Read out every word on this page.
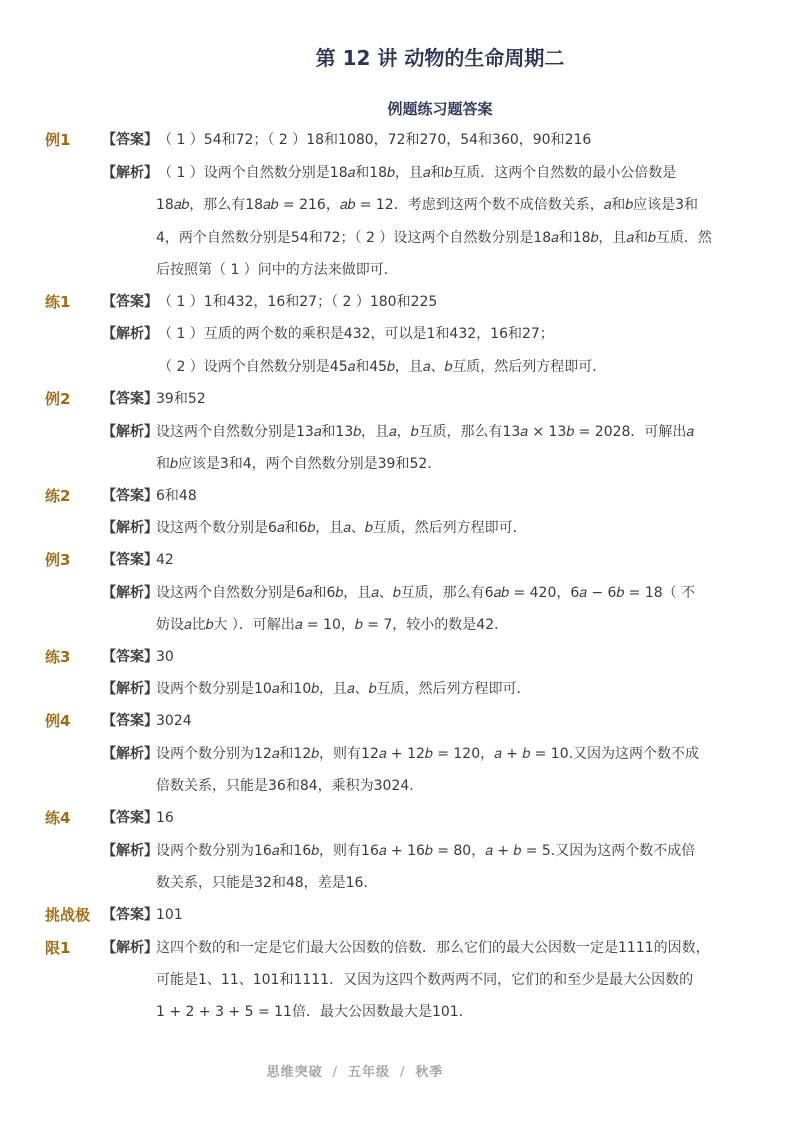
第 12 讲 动物的生命周期二
例题练习题答案
例1 【答案】 （ 1 ）54和72；（ 2 ）18和1080，72和270，54和360，90和216
【解析】 （ 1 ）设两个自然数分别是18𝑎和18𝑏，且𝑎和𝑏互质．这两个自然数的最小公倍数是
18𝑎𝑏，那么有18𝑎𝑏 = 216，𝑎𝑏 = 12．考虑到这两个数不成倍数关系，𝑎和𝑏应该是3和
4，两个自然数分别是54和72；（ 2 ）设这两个自然数分别是18𝑎和18𝑏，且𝑎和𝑏互质．然
后按照第（ 1 ）问中的方法来做即可．
练1 【答案】 （ 1 ）1和432，16和27；（ 2 ）180和225
【解析】 （ 1 ）互质的两个数的乘积是432，可以是1和432，16和27；
（ 2 ）设两个自然数分别是45𝑎和45𝑏，且𝑎、𝑏互质，然后列方程即可．
例2 【答案】
39和52
【解析】
设这两个自然数分别是13𝑎和13𝑏，且𝑎，𝑏互质，那么有13𝑎 × 13𝑏 = 2028．可解出𝑎
和𝑏应该是3和4，两个自然数分别是39和52．
练2 【答案】
6和48
【解析】
设这两个数分别是6𝑎和6𝑏，且𝑎、𝑏互质，然后列方程即可．
例3 【答案】
42
【解析】
设这两个自然数分别是6𝑎和6𝑏，且𝑎、𝑏互质，那么有6𝑎𝑏 = 420，6𝑎 − 6𝑏 = 18（ 不
妨设𝑎比𝑏大 ）．可解出𝑎 = 10，𝑏 = 7，较小的数是42．
练3 【答案】
30
【解析】
设两个数分别是10𝑎和10𝑏，且𝑎、𝑏互质，然后列方程即可．
例4 【答案】
3024
【解析】
设两个数分别为12𝑎和12𝑏，则有12𝑎 + 12𝑏 = 120，𝑎 + 𝑏 = 10.又因为这两个数不成
倍数关系，只能是36和84，乘积为3024.
练4 【答案】
16
【解析】
设两个数分别为16𝑎和16𝑏，则有16𝑎 + 16𝑏 = 80，𝑎 + 𝑏 = 5.又因为这两个数不成倍
数关系，只能是32和48，差是16.
挑战极
限1
【答案】
101
【解析】
这四个数的和一定是它们最大公因数的倍数．那么它们的最大公因数一定是1111的因数，
可能是1、11、101和1111．又因为这四个数两两不同，它们的和至少是最大公因数的
1 + 2 + 3 + 5 = 11倍．最大公因数最大是101．
思维突破 / 五年级 / 秋季
